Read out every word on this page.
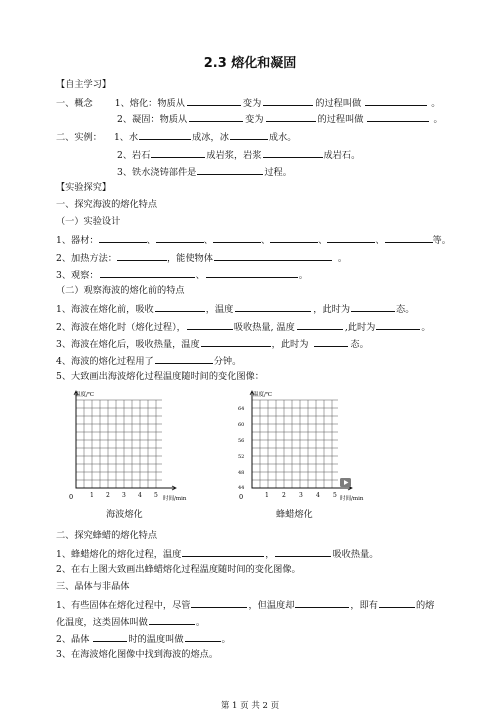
2.3 熔化和凝固
【自主学习】
一、概念 1、熔化：物质从	变为	的过程叫做	。
2、凝固：物质从	变为	的过程叫做	。
二、实例： 1、水	成冰，冰	成水。
2、岩石	成岩浆，岩浆	成岩石。
3、铁水浇铸部件是	过程。
【实验探究】
一、探究海波的熔化特点
（一）实验设计
1、器材：	、	、	、	、	、	等。
2、加热方法：	，能使物体	。
3、观察：	、	。
（二）观察海波的熔化前的特点
1、海波在熔化前，吸收	，温度	，此时为	态。
2、海波在熔化时（熔化过程），	吸收热量, 温度	,此时为	。
3、海波在熔化后，吸收热量，温度	，此时为	态。
4、海波的熔化过程用了	分钟。
5、大致画出海波熔化过程温度随时间的变化图像：
0
温度/℃
时间/min
1 2 3 4 5	0
温度/℃
时间/min
64
60
56
52
48
44
1 2 3 4 5
海波熔化	蜂蜡熔化
二、探究蜂蜡的熔化特点
1、蜂蜡熔化的熔化过程，温度	，	吸收热量。
2、在右上图大致画出蜂蜡熔化过程温度随时间的变化图像。
三、晶体与非晶体
1、有些固体在熔化过程中，尽管	，但温度却	，即有	的熔
化温度，这类固体叫做	。
2、晶体	时的温度叫做	。
3、在海波熔化图像中找到海波的熔点。
第 1 页 共 2 页
